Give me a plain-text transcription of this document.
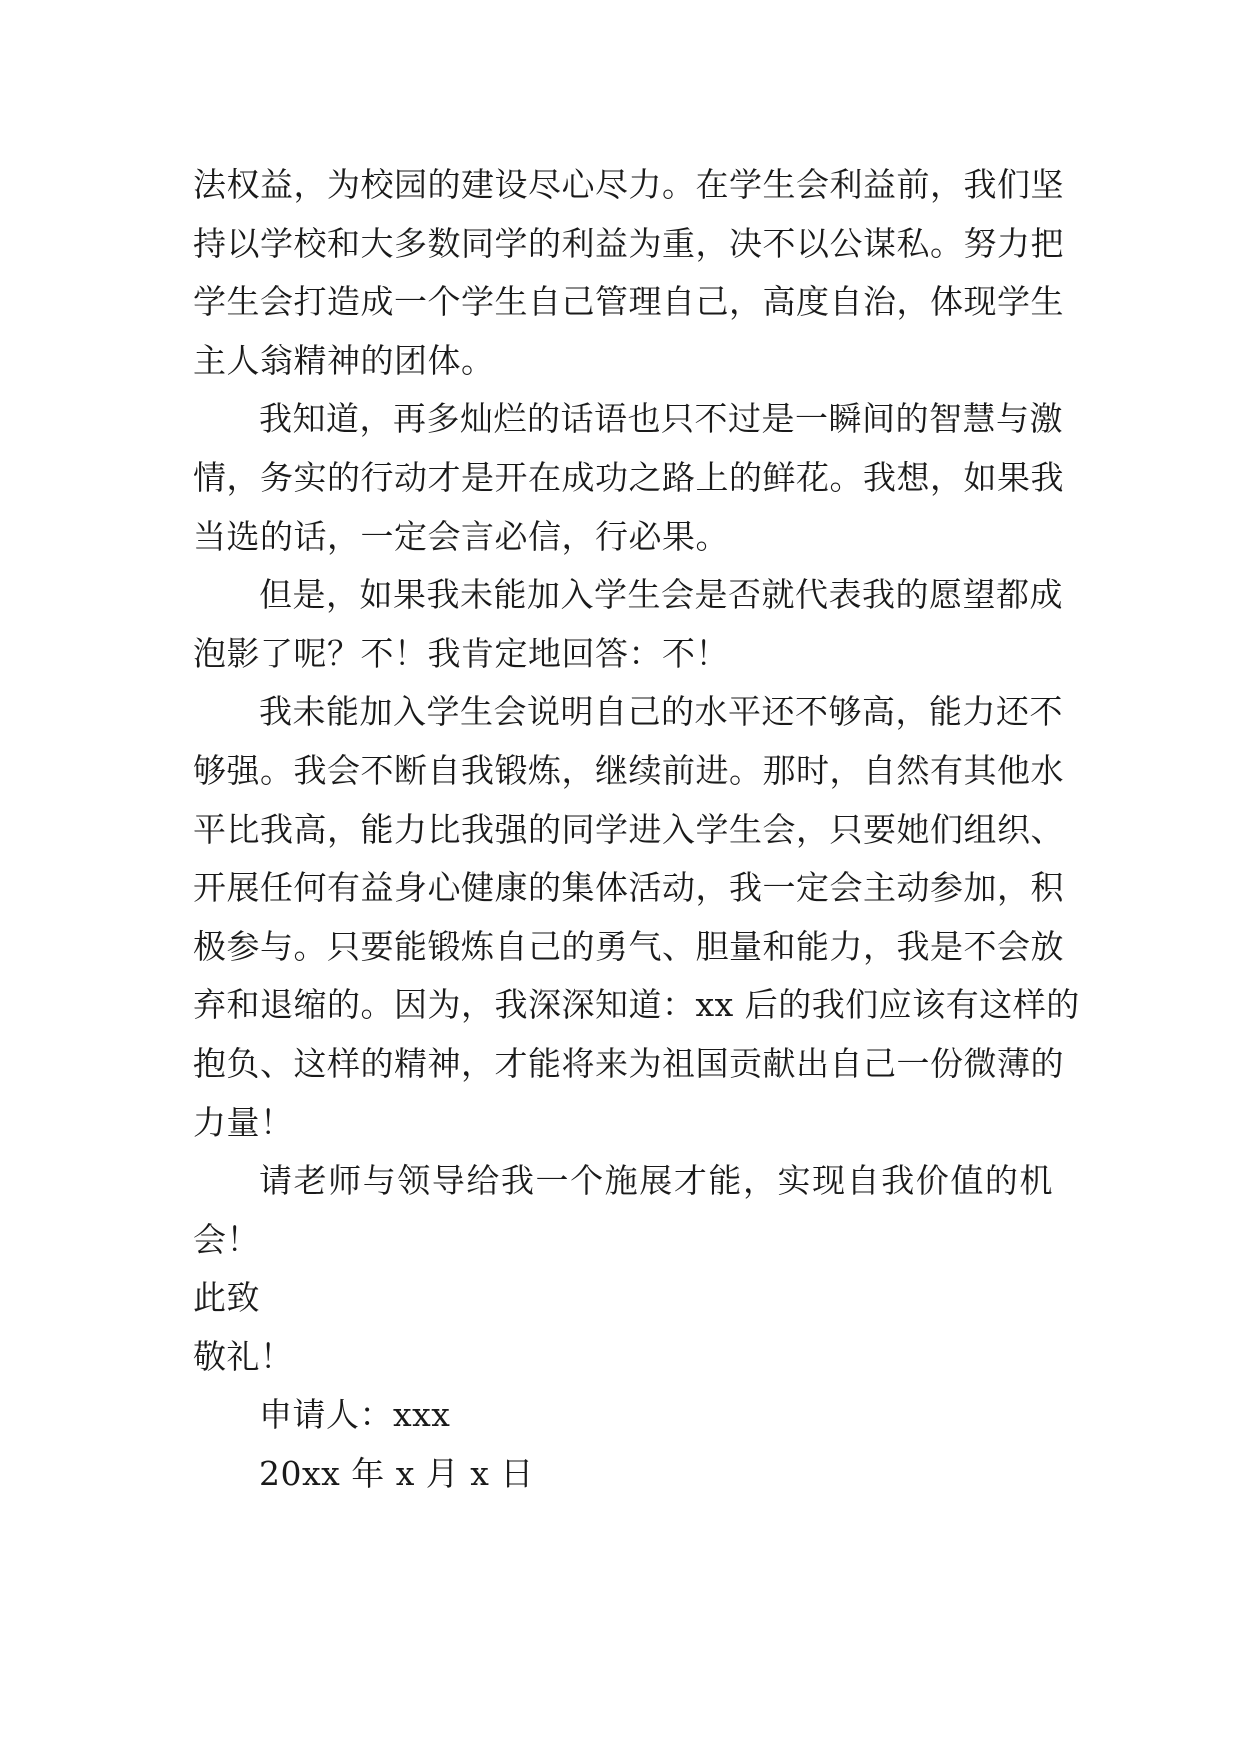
法权益，为校园的建设尽心尽力。在学生会利益前，我们坚
持以学校和大多数同学的利益为重，决不以公谋私。努力把
学生会打造成一个学生自己管理自己，高度自治，体现学生
主人翁精神的团体。
我知道，再多灿烂的话语也只不过是一瞬间的智慧与激
情，务实的行动才是开在成功之路上的鲜花。我想，如果我
当选的话，一定会言必信，行必果。
但是，如果我未能加入学生会是否就代表我的愿望都成
泡影了呢？不！我肯定地回答：不！
我未能加入学生会说明自己的水平还不够高，能力还不
够强。我会不断自我锻炼，继续前进。那时，自然有其他水
平比我高，能力比我强的同学进入学生会，只要她们组织、
开展任何有益身心健康的集体活动，我一定会主动参加，积
极参与。只要能锻炼自己的勇气、胆量和能力，我是不会放
弃和退缩的。因为，我深深知道：xx 后的我们应该有这样的
抱负、这样的精神，才能将来为祖国贡献出自己一份微薄的
力量！
请老师与领导给我一个施展才能，实现自我价值的机
会！
此致
敬礼！
申请人：xxx
20xx 年 x 月 x 日
